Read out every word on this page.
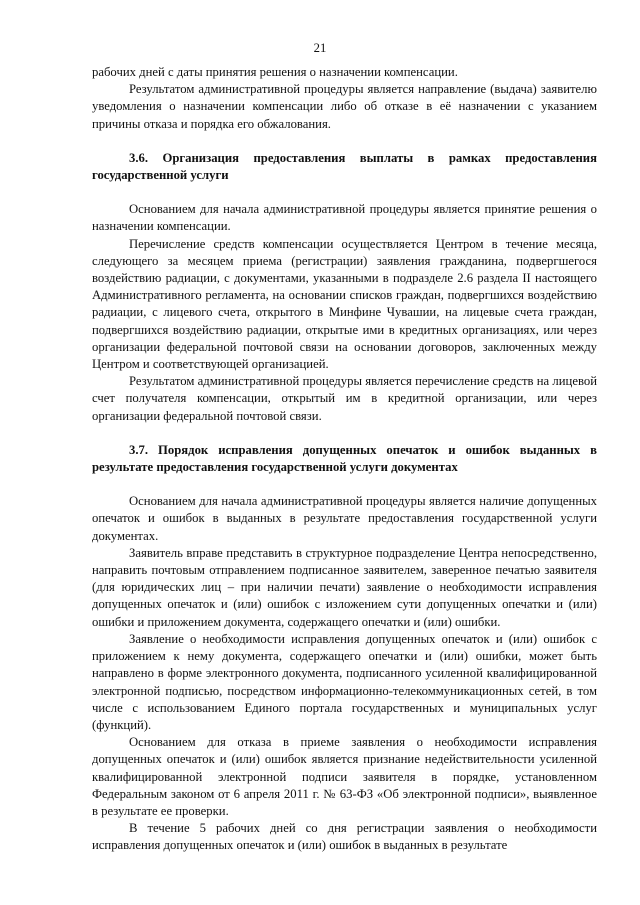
21

рабочих дней с даты принятия решения о назначении компенсации.

Результатом административной процедуры является направление (выдача) заявителю уведомления о назначении компенсации либо об отказе в её назначении с указанием причины отказа и порядка его обжалования.

3.6. Организация предоставления выплаты в рамках предоставления государственной услуги

Основанием для начала административной процедуры является принятие решения о назначении компенсации.

Перечисление средств компенсации осуществляется Центром в течение месяца, следующего за месяцем приема (регистрации) заявления гражданина, подвергшегося воздействию радиации, с документами, указанными в подразделе 2.6 раздела II настоящего Административного регламента, на основании списков граждан, подвергшихся воздействию радиации, с лицевого счета, открытого в Минфине Чувашии, на лицевые счета граждан, подвергшихся воздействию радиации, открытые ими в кредитных организациях, или через организации федеральной почтовой связи на основании договоров, заключенных между Центром и соответствующей организацией.

Результатом административной процедуры является перечисление средств на лицевой счет получателя компенсации, открытый им в кредитной организации, или через организации федеральной почтовой связи.

3.7. Порядок исправления допущенных опечаток и ошибок выданных в результате предоставления государственной услуги документах

Основанием для начала административной процедуры является наличие допущенных опечаток и ошибок в выданных в результате предоставления государственной услуги документах.

Заявитель вправе представить в структурное подразделение Центра непосредственно, направить почтовым отправлением подписанное заявителем, заверенное печатью заявителя (для юридических лиц – при наличии печати) заявление о необходимости исправления допущенных опечаток и (или) ошибок с изложением сути допущенных опечатки и (или) ошибки и приложением документа, содержащего опечатки и (или) ошибки.

Заявление о необходимости исправления допущенных опечаток и (или) ошибок с приложением к нему документа, содержащего опечатки и (или) ошибки, может быть направлено в форме электронного документа, подписанного усиленной квалифицированной электронной подписью, посредством информационно-телекоммуникационных сетей, в том числе с использованием Единого портала государственных и муниципальных услуг (функций).

Основанием для отказа в приеме заявления о необходимости исправления допущенных опечаток и (или) ошибок является признание недействительности усиленной квалифицированной электронной подписи заявителя в порядке, установленном Федеральным законом от 6 апреля 2011 г. № 63-ФЗ «Об электронной подписи», выявленное в результате ее проверки.

В течение 5 рабочих дней со дня регистрации заявления о необходимости исправления допущенных опечаток и (или) ошибок в выданных в результате
